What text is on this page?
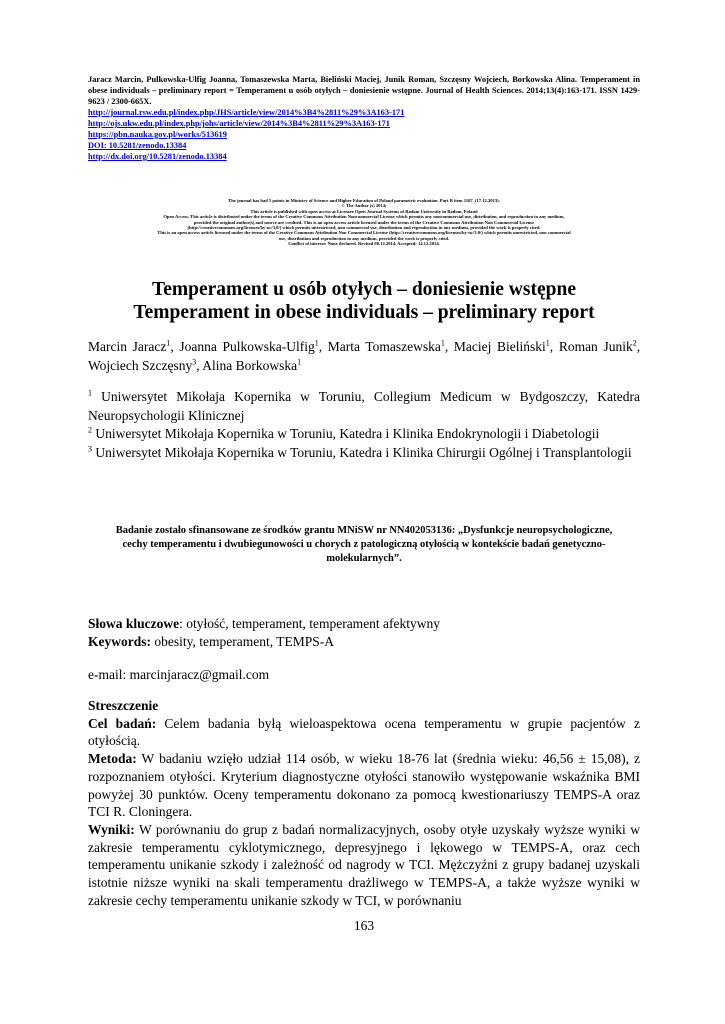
Jaracz Marcin, Pulkowska-Ulfig Joanna, Tomaszewska Marta, Bieliński Maciej, Junik Roman, Szczęsny Wojciech, Borkowska Alina. Temperament in obese individuals – preliminary report = Temperament u osób otyłych – doniesienie wstępne. Journal of Health Sciences. 2014;13(4):163-171. ISSN 1429-9623 / 2300-665X.
http://journal.rsw.edu.pl/index.php/JHS/article/view/2014%3B4%2811%29%3A163-171
http://ojs.ukw.edu.pl/index.php/johs/article/view/2014%3B4%2811%29%3A163-171
https://pbn.nauka.gov.pl/works/513619
DOI: 10.5281/zenodo.13384
http://dx.doi.org/10.5281/zenodo.13384
The journal has had 5 points in Ministry of Science and Higher Education of Poland parametric evaluation. Part B item 1107. (17.12.2013).
© The Author (s) 2014;
This article is published with open access at Licensee Open Journal Systems of Radom University in Radom, Poland
Open Access. This article is distributed under the terms of the Creative Commons Attribution Noncommercial License which permits any noncommercial use, distribution, and reproduction in any medium,
provided the original author(s) and source are credited. This is an open access article licensed under the terms of the Creative Commons Attribution Non Commercial License
(http://creativecommons.org/licenses/by-nc/3.0/) which permits unrestricted, non commercial use, distribution and reproduction in any medium, provided the work is properly cited.
This is an open access article licensed under the terms of the Creative Commons Attribution Non Commercial License (http://creativecommons.org/licenses/by-nc/3.0/) which permits unrestricted, non commercial
use, distribution and reproduction in any medium, provided the work is properly cited.
Conflict of interest: None declared. Revised 08.12.2014. Accepted: 14.12.2014.
Temperament u osób otyłych – doniesienie wstępne
Temperament in obese individuals – preliminary report
Marcin Jaracz$^1$, Joanna Pulkowska-Ulfig$^1$, Marta Tomaszewska$^1$, Maciej Bieliński$^1$, Roman Junik$^2$, Wojciech Szczęsny$^3$, Alina Borkowska$^1$

$^1$ Uniwersytet Mikołaja Kopernika w Toruniu, Collegium Medicum w Bydgoszczy, Katedra Neuropsychologii Klinicznej

$^2$ Uniwersytet Mikołaja Kopernika w Toruniu, Katedra i Klinika Endokrynologii i Diabetologii

$^3$ Uniwersytet Mikołaja Kopernika w Toruniu, Katedra i Klinika Chirurgii Ogólnej i Transplantologii

Badanie zostało sfinansowane ze środków grantu MNiSW nr NN402053136: „Dysfunkcje neuropsychologiczne, cechy temperamentu i dwubiegunowości u chorych z patologiczną otyłością w kontekście badań genetyczno-molekularnych”.

Słowa kluczowe: otyłość, temperament, temperament afektywny

Keywords: obesity, temperament, TEMPS-A

e-mail: marcinjaracz@gmail.com

Streszczenie

Cel badań: Celem badania byłą wieloaspektowa ocena temperamentu w grupie pacjentów z otyłością.

Metoda: W badaniu wzięło udział 114 osób, w wieku 18-76 lat (średnia wieku: 46,56 ± 15,08), z rozpoznaniem otyłości. Kryterium diagnostyczne otyłości stanowiło występowanie wskaźnika BMI powyżej 30 punktów. Oceny temperamentu dokonano za pomocą kwestionariuszy TEMPS-A oraz TCI R. Cloningera.

Wyniki: W porównaniu do grup z badań normalizacyjnych, osoby otyłe uzyskały wyższe wyniki w zakresie temperamentu cyklotymicznego, depresyjnego i lękowego w TEMPS-A, oraz cech temperamentu unikanie szkody i zależność od nagrody w TCI. Mężczyźni z grupy badanej uzyskali istotnie niższe wyniki na skali temperamentu drażliwego w TEMPS-A, a także wyższe wyniki w zakresie cechy temperamentu unikanie szkody w TCI, w porównaniu

163
